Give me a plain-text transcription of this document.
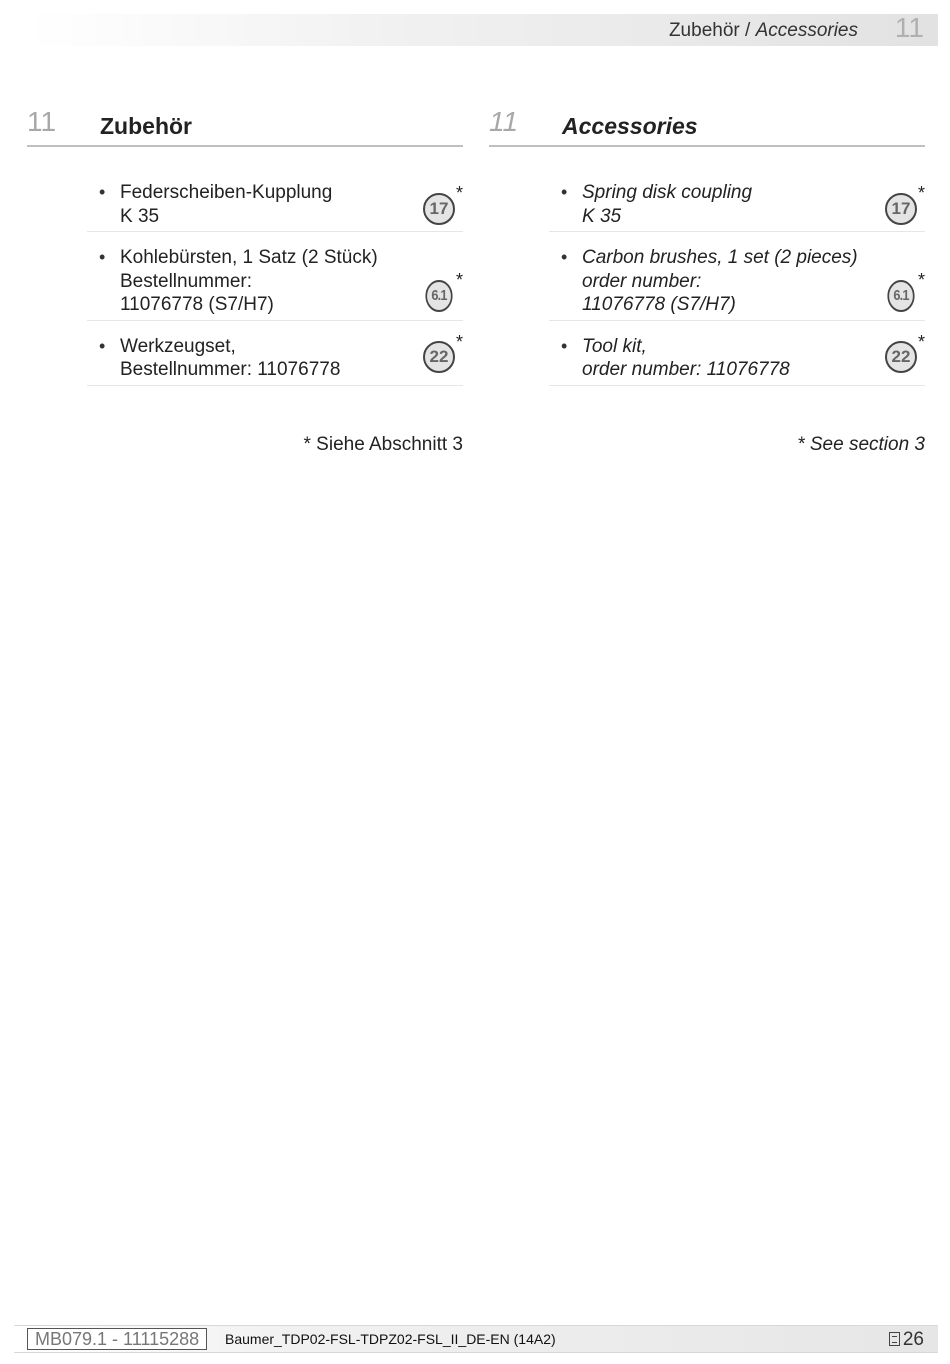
Zubehör / Accessories 11
11 Zubehör
• Federscheiben-Kupplung
K 35	17
*
• Kohlebürsten, 1 Satz (2 Stück)
Bestellnummer:
11076778 (S7/H7)	6.1
*
• Werkzeugset,
Bestellnummer: 11076778
22
*
* Siehe Abschnitt 3
11 Accessories
• Spring disk coupling
K 35	17
*
• Carbon brushes, 1 set (2 pieces)
order number:
11076778 (S7/H7)	6.1
*
• Tool kit,
order number: 11076778
22
*
* See section 3
MB079.1 - 11115288	Baumer_TDP02-FSL-TDPZ02-FSL_II_DE-EN (14A2)	26
